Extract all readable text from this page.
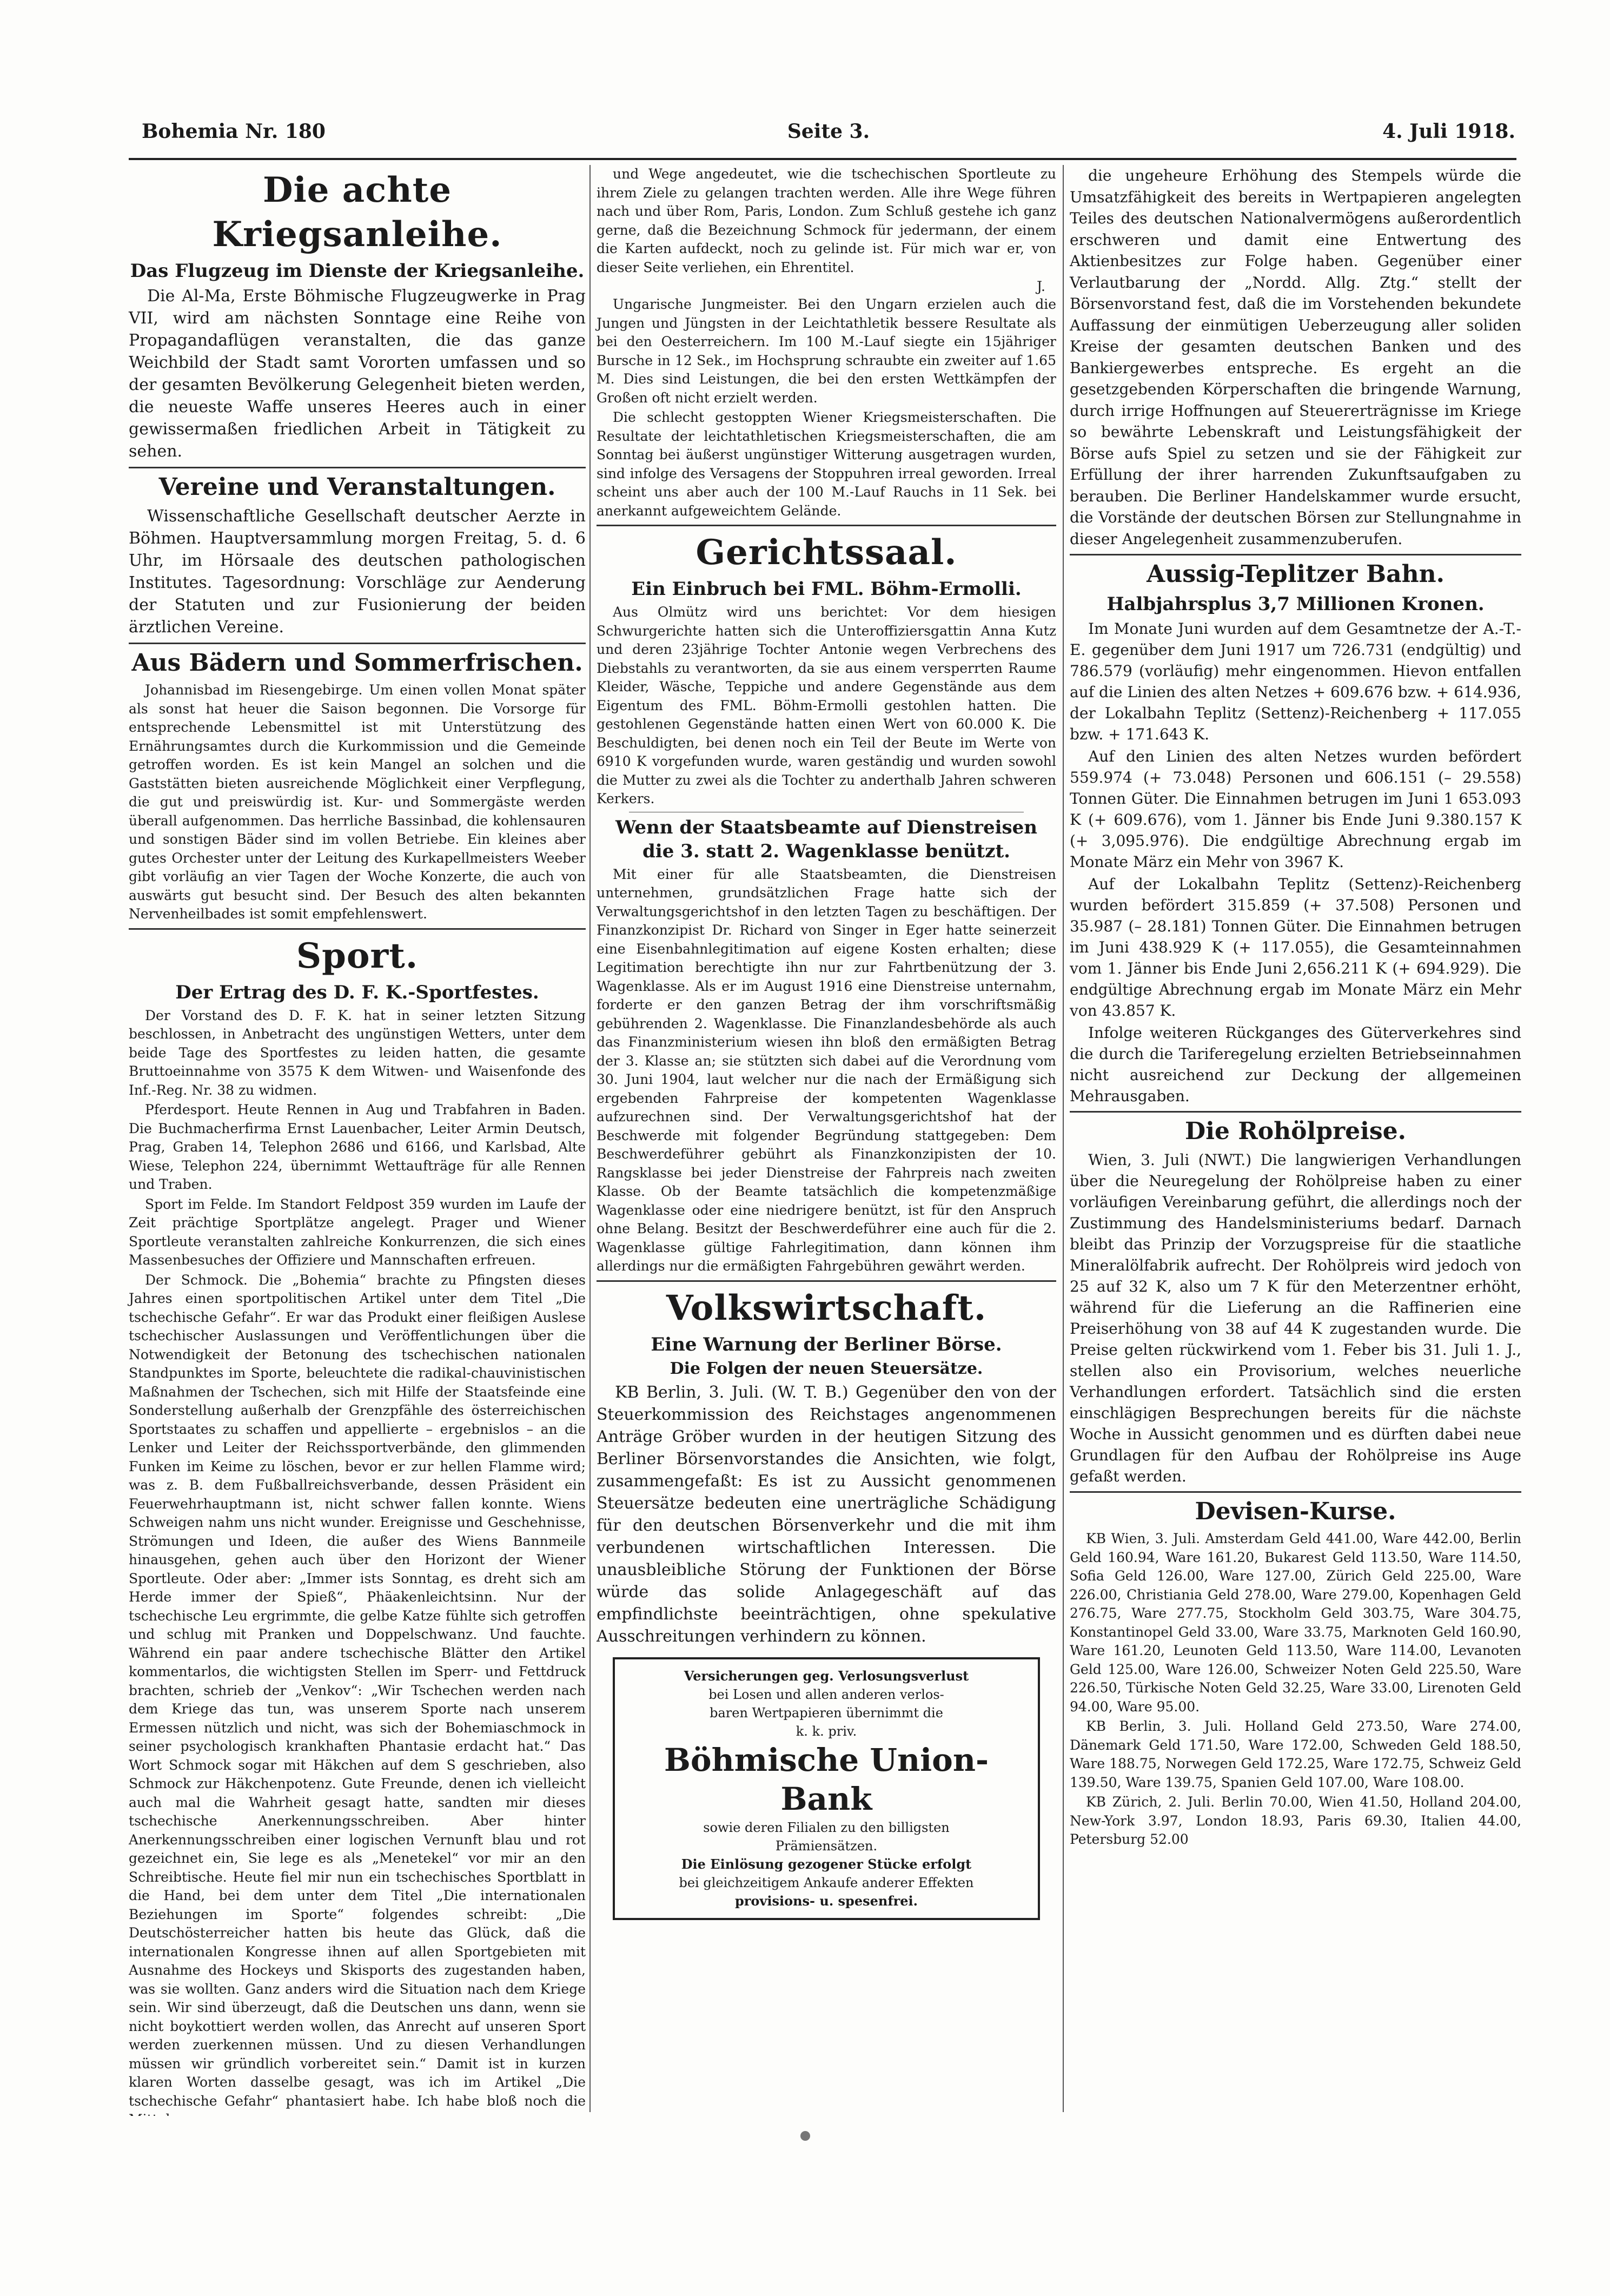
Bohemia Nr. 180	Seite 3.	4. Juli 1918.
Die achte Kriegsanleihe.
Das Flugzeug im Dienste der Kriegsanleihe.

Die Al-Ma, Erste Böhmische Flugzeugwerke in Prag VII, wird am nächsten Sonntage eine Reihe von Propagandaflügen veranstalten, die das ganze Weichbild der Stadt samt Vororten umfassen und so der gesamten Bevölkerung Gelegenheit bieten werden, die neueste Waffe unseres Heeres auch in einer gewissermaßen friedlichen Arbeit in Tätigkeit zu sehen.

Vereine und Veranstaltungen.

Wissenschaftliche Gesellschaft deutscher Aerzte in Böhmen. Hauptversammlung morgen Freitag, 5. d. 6 Uhr, im Hörsaale des deutschen pathologischen Institutes. Tagesordnung: Vorschläge zur Aenderung der Statuten und zur Fusionierung der beiden ärztlichen Vereine.

Aus Bädern und Sommerfrischen.

Johannisbad im Riesengebirge. Um einen vollen Monat später als sonst hat heuer die Saison begonnen. Die Vorsorge für entsprechende Lebensmittel ist mit Unterstützung des Ernährungsamtes durch die Kurkommission und die Gemeinde getroffen worden. Es ist kein Mangel an solchen und die Gaststätten bieten ausreichende Möglichkeit einer Verpflegung, die gut und preiswürdig ist. Kur- und Sommergäste werden überall aufgenommen. Das herrliche Bassinbad, die kohlensauren und sonstigen Bäder sind im vollen Betriebe. Ein kleines aber gutes Orchester unter der Leitung des Kurkapellmeisters Weeber gibt vorläufig an vier Tagen der Woche Konzerte, die auch von auswärts gut besucht sind. Der Besuch des alten bekannten Nervenheilbades ist somit empfehlenswert.

Sport.
Der Ertrag des D. F. K.-Sportfestes.

Der Vorstand des D. F. K. hat in seiner letzten Sitzung beschlossen, in Anbetracht des ungünstigen Wetters, unter dem beide Tage des Sportfestes zu leiden hatten, die gesamte Bruttoeinnahme von 3575 K dem Witwen- und Waisenfonde des Inf.-Reg. Nr. 38 zu widmen.

Pferdesport. Heute Rennen in Aug und Trabfahren in Baden. Die Buchmacherfirma Ernst Lauenbacher, Leiter Armin Deutsch, Prag, Graben 14, Telephon 2686 und 6166, und Karlsbad, Alte Wiese, Telephon 224, übernimmt Wettaufträge für alle Rennen und Traben.

Sport im Felde. Im Standort Feldpost 359 wurden im Laufe der Zeit prächtige Sportplätze angelegt. Prager und Wiener Sportleute veranstalten zahlreiche Konkurrenzen, die sich eines Massenbesuches der Offiziere und Mannschaften erfreuen.

Der Schmock. Die „Bohemia“ brachte zu Pfingsten dieses Jahres einen sportpolitischen Artikel unter dem Titel „Die tschechische Gefahr“. Er war das Produkt einer fleißigen Auslese tschechischer Auslassungen und Veröffentlichungen über die Notwendigkeit der Betonung des tschechischen nationalen Standpunktes im Sporte, beleuchtete die radikal-chauvinistischen Maßnahmen der Tschechen, sich mit Hilfe der Staatsfeinde eine Sonderstellung außerhalb der Grenzpfähle des österreichischen Sportstaates zu schaffen und appellierte – ergebnislos – an die Lenker und Leiter der Reichssportverbände, den glimmenden Funken im Keime zu löschen, bevor er zur hellen Flamme wird; was z. B. dem Fußballreichsverbande, dessen Präsident ein Feuerwehrhauptmann ist, nicht schwer fallen konnte. Wiens Schweigen nahm uns nicht wunder. Ereignisse und Geschehnisse, Strömungen und Ideen, die außer des Wiens Bannmeile hinausgehen, gehen auch über den Horizont der Wiener Sportleute. Oder aber: „Immer ists Sonntag, es dreht sich am Herde immer der Spieß“, Phäakenleichtsinn. Nur der tschechische Leu ergrimmte, die gelbe Katze fühlte sich getroffen und schlug mit Pranken und Doppelschwanz. Und fauchte. Während ein paar andere tschechische Blätter den Artikel kommentarlos, die wichtigsten Stellen im Sperr- und Fettdruck brachten, schrieb der „Venkov“: „Wir Tschechen werden nach dem Kriege das tun, was unserem Sporte nach unserem Ermessen nützlich und nicht, was sich der Bohemiaschmock in seiner psychologisch krankhaften Phantasie erdacht hat.“ Das Wort Schmock sogar mit Häkchen auf dem S geschrieben, also Schmock zur Häkchenpotenz. Gute Freunde, denen ich vielleicht auch mal die Wahrheit gesagt hatte, sandten mir dieses tschechische Anerkennungsschreiben. Aber hinter Anerkennungsschreiben einer logischen Vernunft blau und rot gezeichnet ein, Sie lege es als „Menetekel“ vor mir an den Schreibtische. Heute fiel mir nun ein tschechisches Sportblatt in die Hand, bei dem unter dem Titel „Die internationalen Beziehungen im Sporte“ folgendes schreibt: „Die Deutschösterreicher hatten bis heute das Glück, daß die internationalen Kongresse ihnen auf allen Sportgebieten mit Ausnahme des Hockeys und Skisports des zugestanden haben, was sie wollten. Ganz anders wird die Situation nach dem Kriege sein. Wir sind überzeugt, daß die Deutschen uns dann, wenn sie nicht boykottiert werden wollen, das Anrecht auf unseren Sport werden zuerkennen müssen. Und zu diesen Verhandlungen müssen wir gründlich vorbereitet sein.“ Damit ist in kurzen klaren Worten dasselbe gesagt, was ich im Artikel „Die tschechische Gefahr“ phantasiert habe. Ich habe bloß noch die

und Wege angedeutet, wie die tschechischen Sportleute zu ihrem Ziele zu gelangen trachten werden. Alle ihre Wege führen nach und über Rom, Paris, London. Zum Schluß gestehe ich ganz gerne, daß die Bezeichnung Schmock für jedermann, der einem die Karten aufdeckt, noch zu gelinde ist. Für mich war er, von dieser Seite verliehen, ein Ehrentitel.

J.

Ungarische Jungmeister. Bei den Ungarn erzielen auch die Jungen und Jüngsten in der Leichtathletik bessere Resultate als bei den Oesterreichern. Im 100 M.-Lauf siegte ein 15jähriger Bursche in 12 Sek., im Hochsprung schraubte ein zweiter auf 1.65 M. Dies sind Leistungen, die bei den ersten Wettkämpfen der Großen oft nicht erzielt werden.

Die schlecht gestoppten Wiener Kriegsmeisterschaften. Die Resultate der leichtathletischen Kriegsmeisterschaften, die am Sonntag bei äußerst ungünstiger Witterung ausgetragen wurden, sind infolge des Versagens der Stoppuhren irreal geworden. Irreal scheint uns aber auch der 100 M.-Lauf Rauchs in 11 Sek. bei anerkannt aufgeweichtem Gelände.

Gerichtssaal.
Ein Einbruch bei FML. Böhm-Ermolli.

Aus Olmütz wird uns berichtet: Vor dem hiesigen Schwurgerichte hatten sich die Unteroffiziersgattin Anna Kutz und deren 23jährige Tochter Antonie wegen Verbrechens des Diebstahls zu verantworten, da sie aus einem versperrten Raume Kleider, Wäsche, Teppiche und andere Gegenstände aus dem Eigentum des FML. Böhm-Ermolli gestohlen hatten. Die gestohlenen Gegenstände hatten einen Wert von 60.000 K. Die Beschuldigten, bei denen noch ein Teil der Beute im Werte von 6910 K vorgefunden wurde, waren geständig und wurden sowohl die Mutter zu zwei als die Tochter zu anderthalb Jahren schweren Kerkers.

Wenn der Staatsbeamte auf Dienstreisen die 3. statt 2. Wagenklasse benützt.

Mit einer für alle Staatsbeamten, die Dienstreisen unternehmen, grundsätzlichen Frage hatte sich der Verwaltungsgerichtshof in den letzten Tagen zu beschäftigen. Der Finanzkonzipist Dr. Richard von Singer in Eger hatte seinerzeit eine Eisenbahnlegitimation auf eigene Kosten erhalten; diese Legitimation berechtigte ihn nur zur Fahrtbenützung der 3. Wagenklasse. Als er im August 1916 eine Dienstreise unternahm, forderte er den ganzen Betrag der ihm vorschriftsmäßig gebührenden 2. Wagenklasse. Die Finanzlandesbehörde als auch das Finanzministerium wiesen ihn bloß den ermäßigten Betrag der 3. Klasse an; sie stützten sich dabei auf die Verordnung vom 30. Juni 1904, laut welcher nur die nach der Ermäßigung sich ergebenden Fahrpreise der kompetenten Wagenklasse aufzurechnen sind. Der Verwaltungsgerichtshof hat der Beschwerde mit folgender Begründung stattgegeben: Dem Beschwerdeführer gebührt als Finanzkonzipisten der 10. Rangsklasse bei jeder Dienstreise der Fahrpreis nach zweiten Klasse. Ob der Beamte tatsächlich die kompetenzmäßige Wagenklasse oder eine niedrigere benützt, ist für den Anspruch ohne Belang. Besitzt der Beschwerdeführer eine auch für die 2. Wagenklasse gültige Fahrlegitimation, dann können ihm allerdings nur die ermäßigten Fahrgebühren gewährt werden.

Volkswirtschaft.
Eine Warnung der Berliner Börse.
Die Folgen der neuen Steuersätze.

KB Berlin, 3. Juli. (W. T. B.) Gegenüber den von der Steuerkommission des Reichstages angenommenen Anträge Gröber wurden in der heutigen Sitzung des Berliner Börsenvorstandes die Ansichten, wie folgt, zusammengefaßt: Es ist zu Aussicht genommenen Steuersätze bedeuten eine unerträgliche Schädigung für den deutschen Börsenverkehr und die mit ihm verbundenen wirtschaftlichen Interessen. Die unausbleibliche Störung der Funktionen der Börse würde das solide Anlagegeschäft auf das empfindlichste beeinträchtigen, ohne spekulative Ausschreitungen verhindern zu können.

Versicherungen geg. Verlosungsverlust
bei Losen und allen anderen verlos-
baren Wertpapieren übernimmt die
k. k. priv.
Böhmische Union-Bank
sowie deren Filialen zu den billigsten
Prämiensätzen.
Die Einlösung gezogener Stücke erfolgt
bei gleichzeitigem Ankaufe anderer Effekten
provisions- u. spesenfrei.

die ungeheure Erhöhung des Stempels würde die Umsatzfähigkeit des bereits in Wertpapieren angelegten Teiles des deutschen Nationalvermögens außerordentlich erschweren und damit eine Entwertung des Aktienbesitzes zur Folge haben. Gegenüber einer Verlautbarung der „Nordd. Allg. Ztg.“ stellt der Börsenvorstand fest, daß die im Vorstehenden bekundete Auffassung der einmütigen Ueberzeugung aller soliden Kreise der gesamten deutschen Banken und des Bankiergewerbes entspreche. Es ergeht an die gesetzgebenden Körperschaften die bringende Warnung, durch irrige Hoffnungen auf Steuererträgnisse im Kriege so bewährte Lebenskraft und Leistungsfähigkeit der Börse aufs Spiel zu setzen und sie der Fähigkeit zur Erfüllung der ihrer harrenden Zukunftsaufgaben zu berauben. Die Berliner Handelskammer wurde ersucht, die Vorstände der deutschen Börsen zur Stellungnahme in dieser Angelegenheit zusammenzuberufen.

Aussig-Teplitzer Bahn.
Halbjahrsplus 3,7 Millionen Kronen.

Im Monate Juni wurden auf dem Gesamtnetze der A.-T.-E. gegenüber dem Juni 1917 um 726.731 (endgültig) und 786.579 (vorläufig) mehr eingenommen. Hievon entfallen auf die Linien des alten Netzes + 609.676 bzw. + 614.936, der Lokalbahn Teplitz (Settenz)-Reichenberg + 117.055 bzw. + 171.643 K.

Auf den Linien des alten Netzes wurden befördert 559.974 (+ 73.048) Personen und 606.151 (– 29.558) Tonnen Güter. Die Einnahmen betrugen im Juni 1 653.093 K (+ 609.676), vom 1. Jänner bis Ende Juni 9.380.157 K (+ 3,095.976). Die endgültige Abrechnung ergab im Monate März ein Mehr von 3967 K.

Auf der Lokalbahn Teplitz (Settenz)-Reichenberg wurden befördert 315.859 (+ 37.508) Personen und 35.987 (– 28.181) Tonnen Güter. Die Einnahmen betrugen im Juni 438.929 K (+ 117.055), die Gesamteinnahmen vom 1. Jänner bis Ende Juni 2,656.211 K (+ 694.929). Die endgültige Abrechnung ergab im Monate März ein Mehr von 43.857 K.

Infolge weiteren Rückganges des Güterverkehres sind die durch die Tariferegelung erzielten Betriebseinnahmen nicht ausreichend zur Deckung der allgemeinen Mehrausgaben.

Die Rohölpreise.

Wien, 3. Juli (NWT.) Die langwierigen Verhandlungen über die Neuregelung der Rohölpreise haben zu einer vorläufigen Vereinbarung geführt, die allerdings noch der Zustimmung des Handelsministeriums bedarf. Darnach bleibt das Prinzip der Vorzugspreise für die staatliche Mineralölfabrik aufrecht. Der Rohölpreis wird jedoch von 25 auf 32 K, also um 7 K für den Meterzentner erhöht, während für die Lieferung an die Raffinerien eine Preiserhöhung von 38 auf 44 K zugestanden wurde. Die Preise gelten rückwirkend vom 1. Feber bis 31. Juli 1. J., stellen also ein Provisorium, welches neuerliche Verhandlungen erfordert. Tatsächlich sind die ersten einschlägigen Besprechungen bereits für die nächste Woche in Aussicht genommen und es dürften dabei neue Grundlagen für den Aufbau der Rohölpreise ins Auge gefaßt werden.

Devisen-Kurse.

KB Wien, 3. Juli. Amsterdam Geld 441.00, Ware 442.00, Berlin Geld 160.94, Ware 161.20, Bukarest Geld 113.50, Ware 114.50, Sofia Geld 126.00, Ware 127.00, Zürich Geld 225.00, Ware 226.00, Christiania Geld 278.00, Ware 279.00, Kopenhagen Geld 276.75, Ware 277.75, Stockholm Geld 303.75, Ware 304.75, Konstantinopel Geld 33.00, Ware 33.75, Marknoten Geld 160.90, Ware 161.20, Leunoten Geld 113.50, Ware 114.00, Levanoten Geld 125.00, Ware 126.00, Schweizer Noten Geld 225.50, Ware 226.50, Türkische Noten Geld 32.25, Ware 33.00, Lirenoten Geld 94.00, Ware 95.00.

KB Berlin, 3. Juli. Holland Geld 273.50, Ware 274.00, Dänemark Geld 171.50, Ware 172.00, Schweden Geld 188.50, Ware 188.75, Norwegen Geld 172.25, Ware 172.75, Schweiz Geld 139.50, Ware 139.75, Spanien Geld 107.00, Ware 108.00.

KB Zürich, 2. Juli. Berlin 70.00, Wien 41.50, Holland 204.00, New-York 3.97, London 18.93, Paris 69.30, Italien 44.00, Petersburg 52.00
